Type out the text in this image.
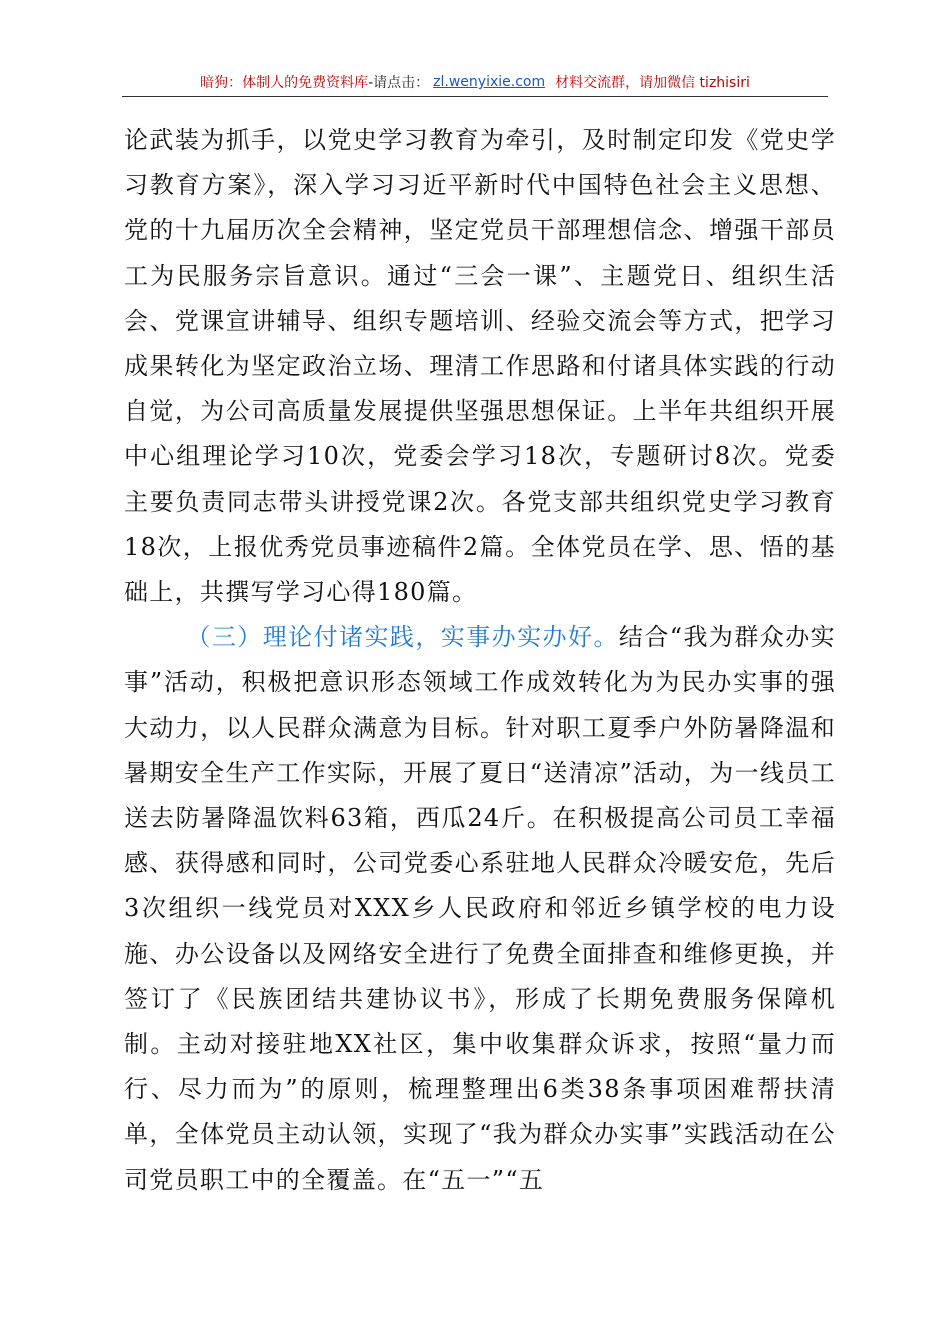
暗狗：体制人的免费资料库 -请点击： zl.wenyixie.com 材料交流群，请加微信 tizhisiri

论武装为抓手，以党史学习教育为牵引，及时制定印发《党史学习教育方案》，深入学习习近平新时代中国特色社会主义思想、党的十九届历次全会精神，坚定党员干部理想信念、增强干部员工为民服务宗旨意识。通过“三会一课”、主题党日、组织生活会、党课宣讲辅导、组织专题培训、经验交流会等方式，把学习成果转化为坚定政治立场、理清工作思路和付诸具体实践的行动自觉，为公司高质量发展提供坚强思想保证。上半年共组织开展中心组理论学习10次，党委会学习18次，专题研讨8次。党委主要负责同志带头讲授党课2次。各党支部共组织党史学习教育18次，上报优秀党员事迹稿件2篇。全体党员在学、思、悟的基础上，共撰写学习心得180篇。

（三）理论付诸实践，实事办实办好。结合“我为群众办实事”活动，积极把意识形态领域工作成效转化为为民办实事的强大动力，以人民群众满意为目标。针对职工夏季户外防暑降温和暑期安全生产工作实际，开展了夏日“送清凉”活动，为一线员工送去防暑降温饮料63箱，西瓜24斤。在积极提高公司员工幸福感、获得感和同时，公司党委心系驻地人民群众冷暖安危，先后3次组织一线党员对XXX乡人民政府和邻近乡镇学校的电力设施、办公设备以及网络安全进行了免费全面排查和维修更换，并签订了《民族团结共建协议书》，形成了长期免费服务保障机制。主动对接驻地XX社区，集中收集群众诉求，按照“量力而行、尽力而为”的原则，梳理整理出6类38条事项困难帮扶清单，全体党员主动认领，实现了“我为群众办实事”实践活动在公司党员职工中的全覆盖。在“五一”“五
